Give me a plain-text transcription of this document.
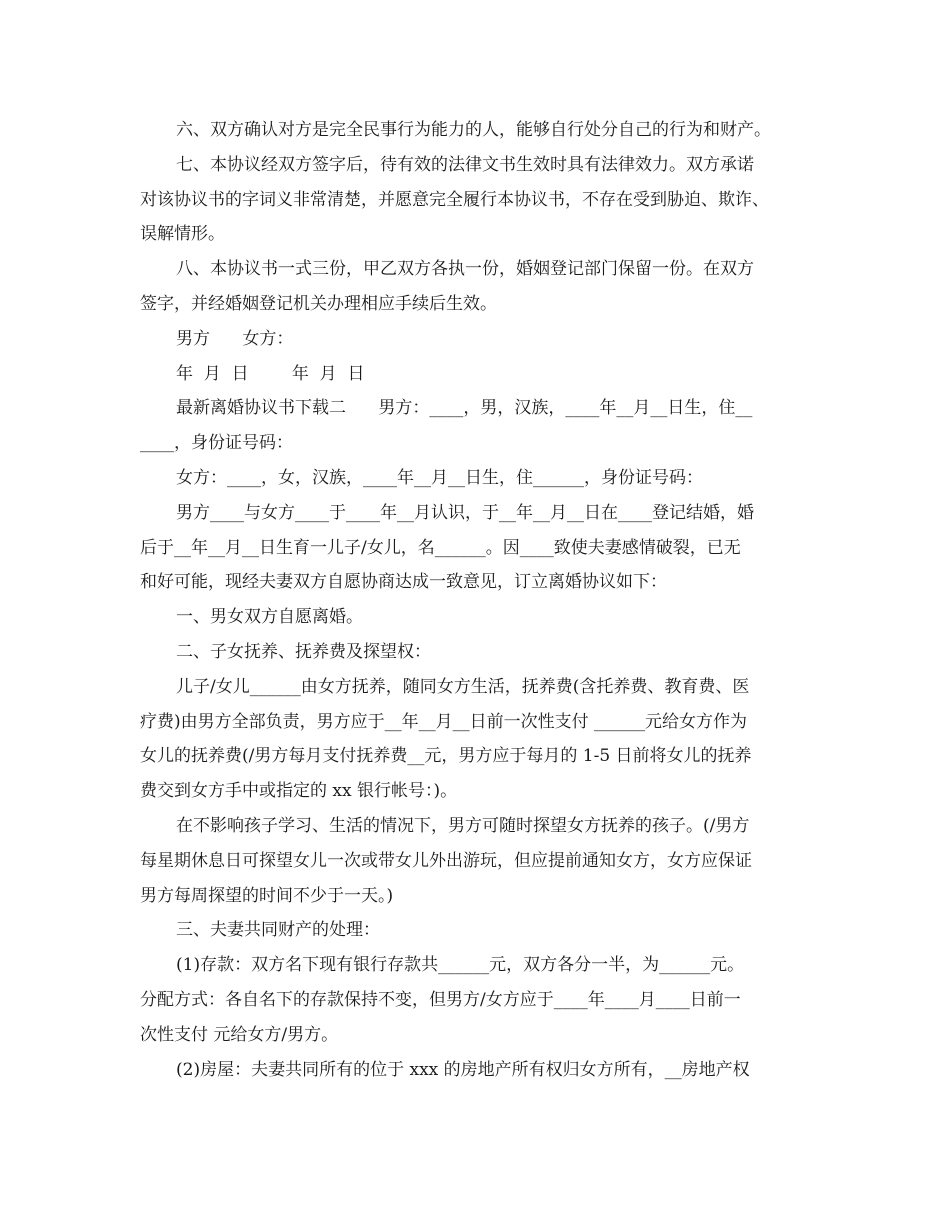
六、双方确认对方是完全民事行为能力的人，能够自行处分自己的行为和财产。
七、本协议经双方签字后，待有效的法律文书生效时具有法律效力。双方承诺
对该协议书的字词义非常清楚，并愿意完全履行本协议书，不存在受到胁迫、欺诈、
误解情形。
八、本协议书一式三份，甲乙双方各执一份，婚姻登记部门保留一份。在双方
签字，并经婚姻登记机关办理相应手续后生效。
男方      女方：
年  月  日        年  月  日
最新离婚协议书下载二      男方：____，男，汉族，____年__月__日生，住__
____，身份证号码：
女方：____，女，汉族，____年__月__日生，住______，身份证号码：
男方____与女方____于____年__月认识，于__年__月__日在____登记结婚，婚
后于__年__月__日生育一儿子/女儿，名______。因____致使夫妻感情破裂，已无
和好可能，现经夫妻双方自愿协商达成一致意见，订立离婚协议如下：
一、男女双方自愿离婚。
二、子女抚养、抚养费及探望权：
儿子/女儿______由女方抚养，随同女方生活，抚养费(含托养费、教育费、医
疗费)由男方全部负责，男方应于__年__月__日前一次性支付 ______元给女方作为
女儿的抚养费(/男方每月支付抚养费__元，男方应于每月的 1-5 日前将女儿的抚养
费交到女方手中或指定的 xx 银行帐号：)。
在不影响孩子学习、生活的情况下，男方可随时探望女方抚养的孩子。(/男方
每星期休息日可探望女儿一次或带女儿外出游玩，但应提前通知女方，女方应保证
男方每周探望的时间不少于一天。)
三、夫妻共同财产的处理：
(1)存款：双方名下现有银行存款共______元，双方各分一半，为______元。
分配方式：各自名下的存款保持不变，但男方/女方应于____年____月____日前一
次性支付 元给女方/男方。
(2)房屋：夫妻共同所有的位于 xxx 的房地产所有权归女方所有，__房地产权
